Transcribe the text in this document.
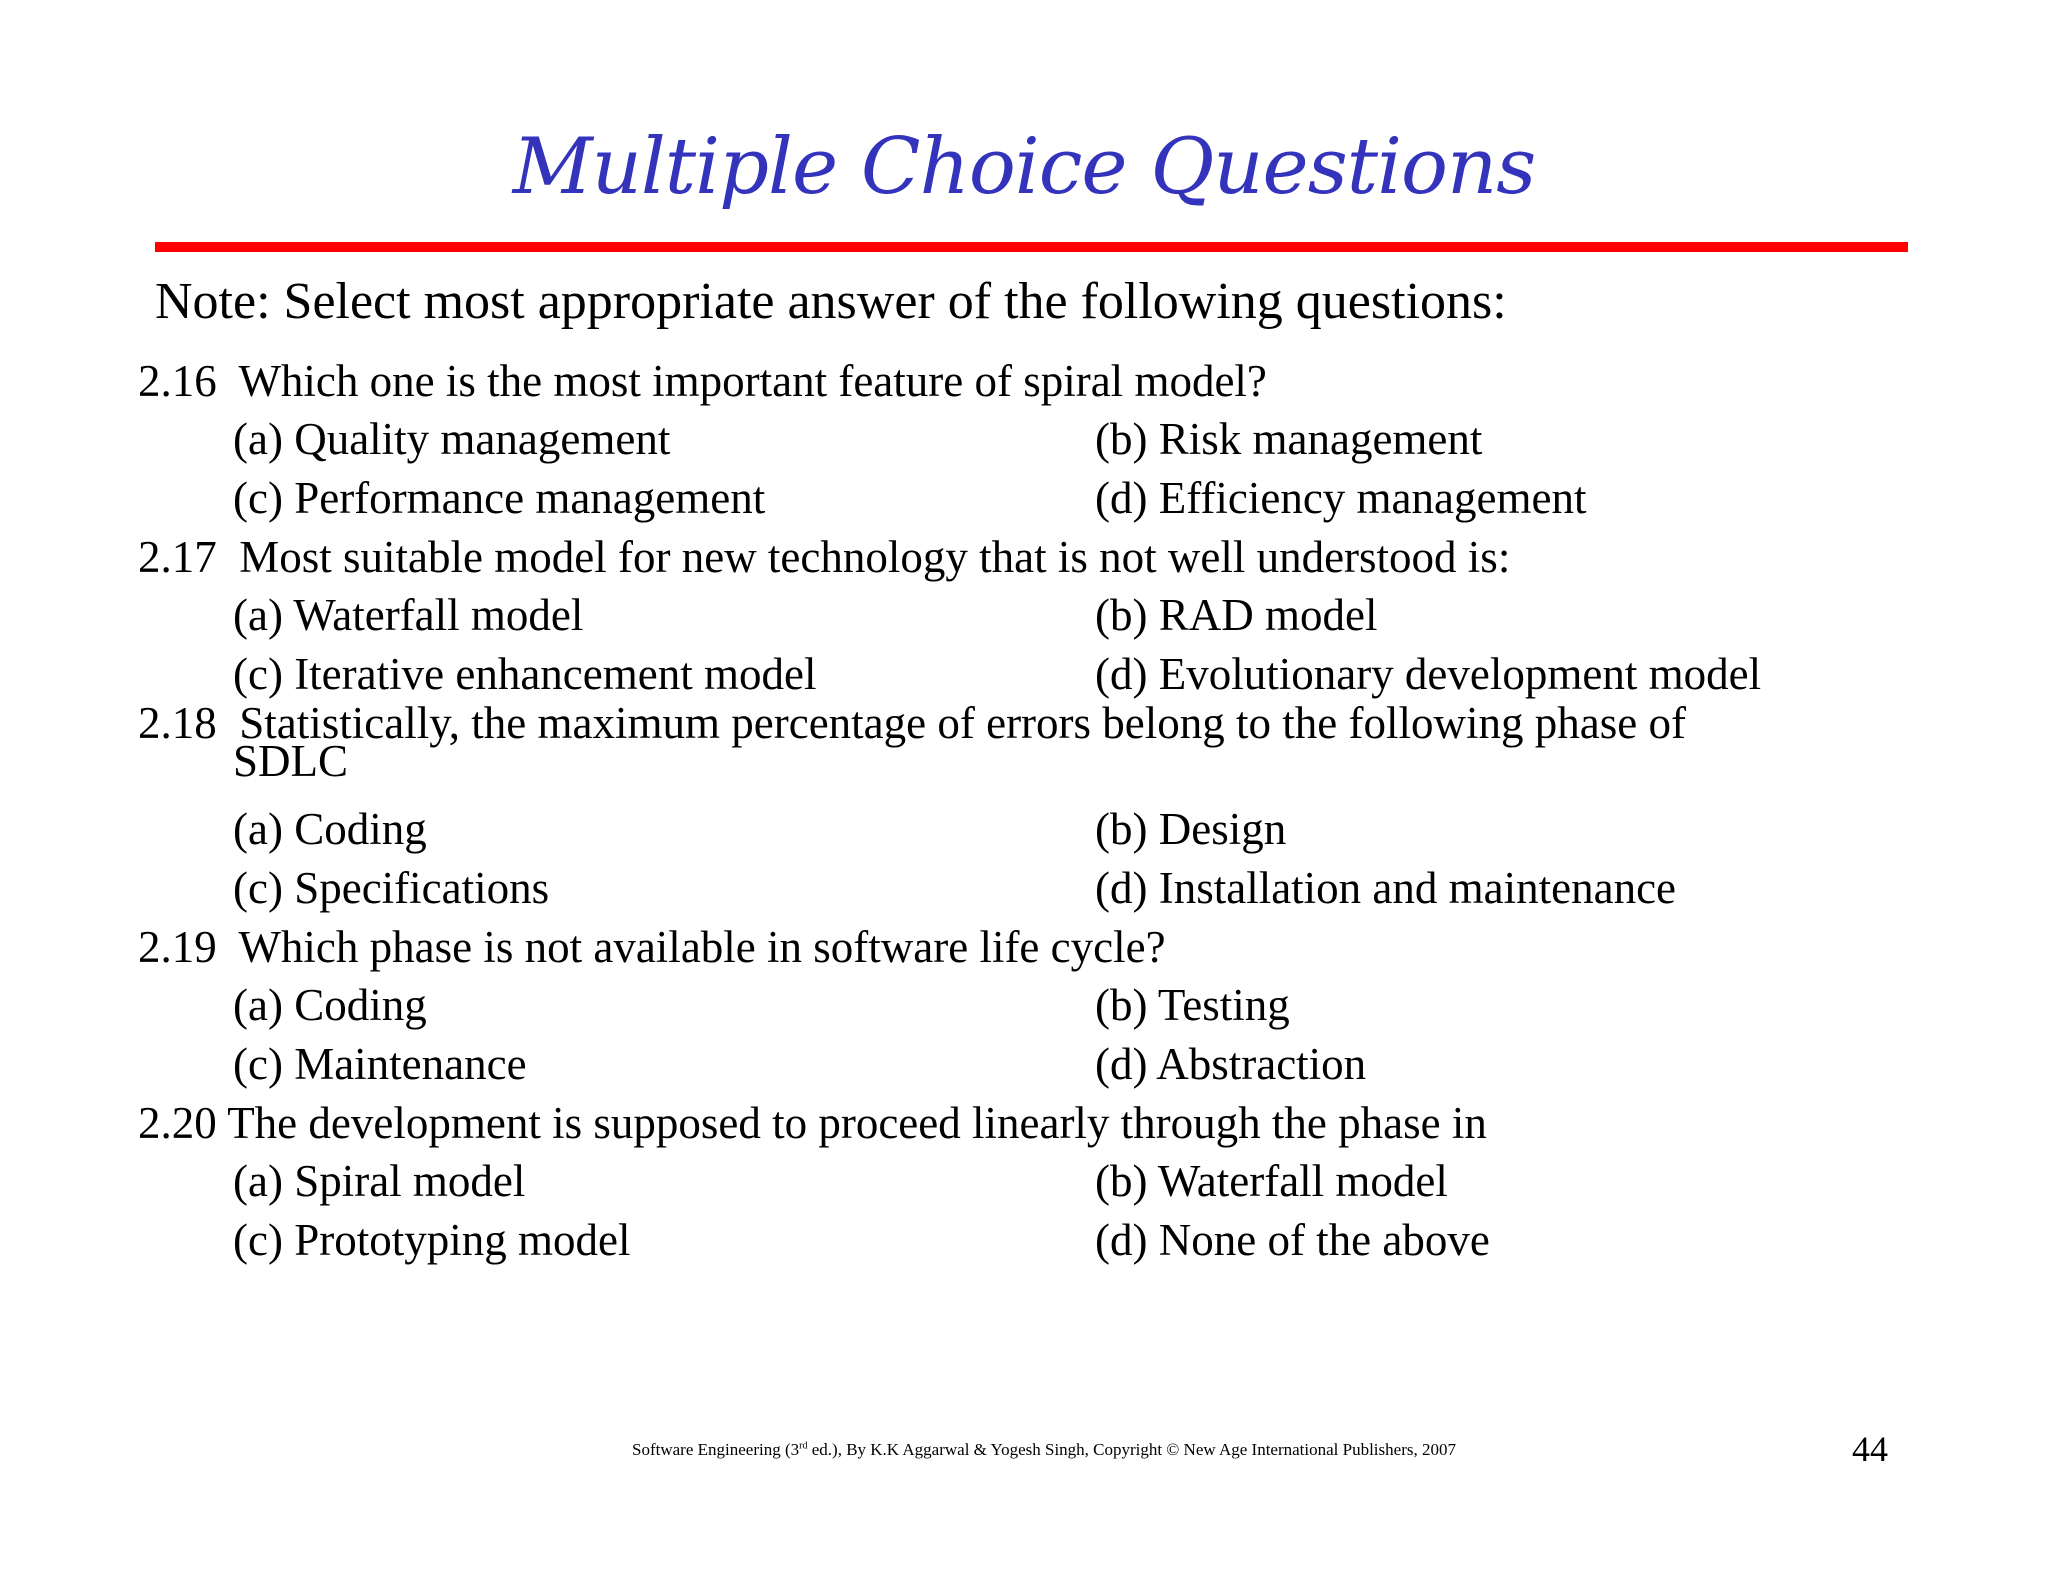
Multiple Choice Questions
Note: Select most appropriate answer of the following questions:
2.16 Which one is the most important feature of spiral model?
(a) Quality management	(b) Risk management
(c) Performance management	(d) Efficiency management
2.17 Most suitable model for new technology that is not well understood is:
(a) Waterfall model	(b) RAD model
(c) Iterative enhancement model	(d) Evolutionary development model
2.18 Statistically, the maximum percentage of errors belong to the following phase of
SDLC
(a) Coding	(b) Design
(c) Specifications	(d) Installation and maintenance
2.19 Which phase is not available in software life cycle?
(a) Coding	(b) Testing
(c) Maintenance	(d) Abstraction
2.20 The development is supposed to proceed linearly through the phase in
(a) Spiral model	(b) Waterfall model
(c) Prototyping model	(d) None of the above
Software Engineering (3rd ed.), By K.K Aggarwal & Yogesh Singh, Copyright © New Age International Publishers, 2007	44
